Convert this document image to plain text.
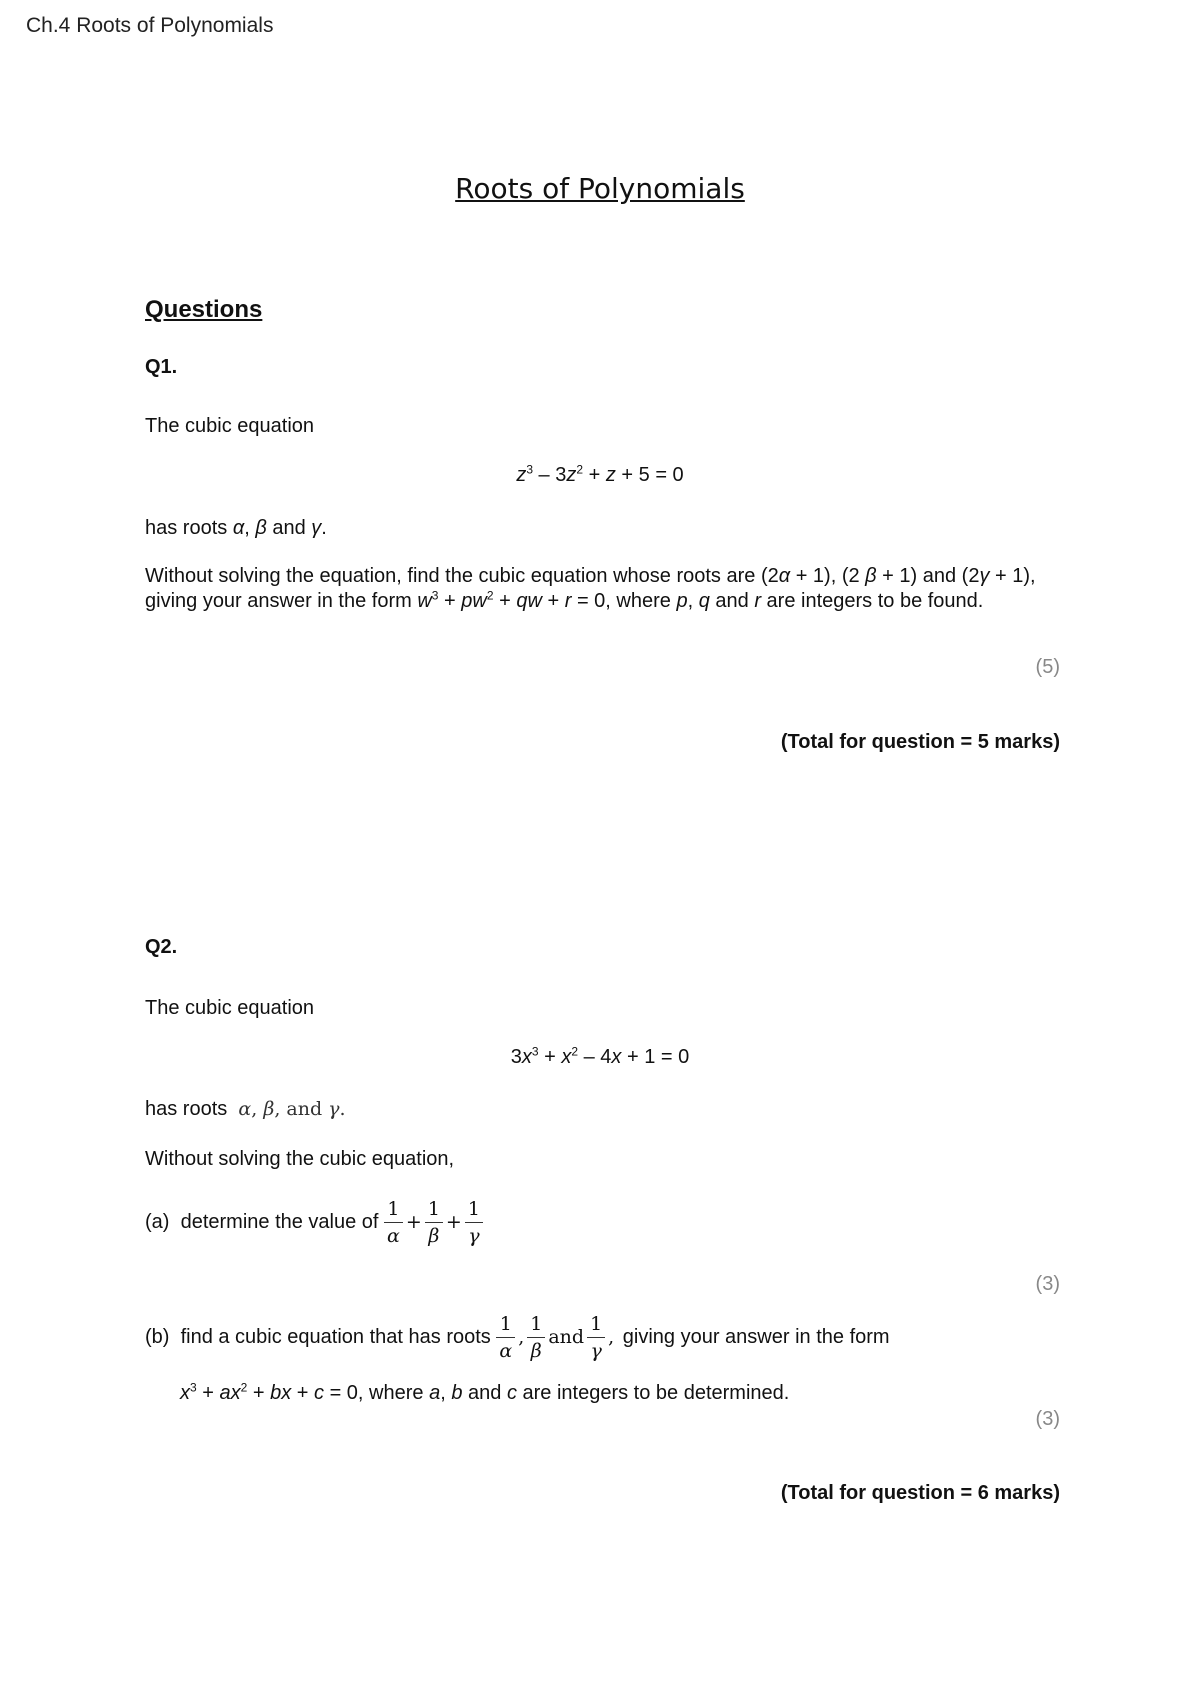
Ch.4 Roots of Polynomials
Roots of Polynomials
Questions
Q1.
The cubic equation
$z^3 - 3z^2 + z + 5 = 0$
has roots α, β and γ.
Without solving the equation, find the cubic equation whose roots are (2α + 1), (2 β + 1) and (2γ + 1), giving your answer in the form $w^3 + pw^2$ + qw + r = 0, where p, q and r are integers to be found.
(5)
(Total for question = 5 marks)
Q2.
The cubic equation
$3x^3 + x^2 - 4x + 1 = 0$
has roots  α, β, and γ.
Without solving the cubic equation,
(a) determine the value of $\frac{1}{\alpha} + \frac{1}{\beta} + \frac{1}{\gamma}$
(3)
(b) find a cubic equation that has roots $\frac{1}{\alpha}$ , $\frac{1}{\beta}$ and $\frac{1}{\gamma}$ , giving your answer in the form
$x^3 + ax^2$ + bx + c = 0, where a, b and c are integers to be determined.
(3)
(Total for question = 6 marks)
